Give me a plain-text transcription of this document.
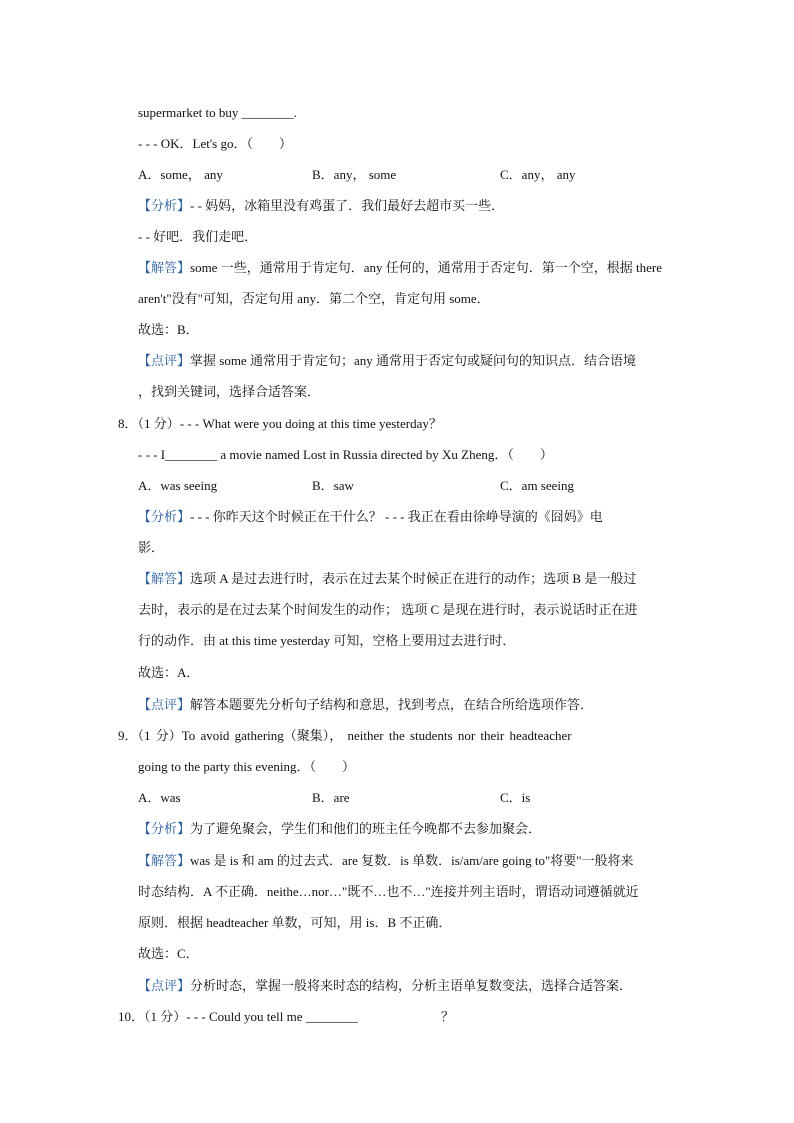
supermarket to buy ________.
- - - OK．Let's go．（　　）
A．some， any	B．any， some	C．any， any
【分析】- - 妈妈，冰箱里没有鸡蛋了．我们最好去超市买一些．
- - 好吧．我们走吧．
【解答】some 一些，通常用于肯定句．any 任何的，通常用于否定句．第一个空，根据 there
aren't"没有"可知，否定句用 any．第二个空，肯定句用 some．
故选：B．
【点评】掌握 some 通常用于肯定句；any 通常用于否定句或疑问句的知识点．结合语境
，找到关键词，选择合适答案．
8．（1 分）- - - What were you doing at this time yesterday？
- - - I________ a movie named Lost in Russia directed by Xu Zheng．（　　）
A．was seeing	B．saw	C．am seeing
【分析】- - - 你昨天这个时候正在干什么？ - - - 我正在看由徐峥导演的《囧妈》电
影．
【解答】选项 A 是过去进行时，表示在过去某个时候正在进行的动作；选项 B 是一般过
去时，表示的是在过去某个时间发生的动作； 选项 C 是现在进行时，表示说话时正在进
行的动作．由 at this time yesterday 可知，空格上要用过去进行时．
故选：A．
【点评】解答本题要先分析句子结构和意思，找到考点，在结合所给选项作答．
9．（1 分）To avoid gathering（聚集）， neither the students nor their headteacher
going to the party this evening．（　　）
A．was	B．are	C．is
【分析】为了避免聚会，学生们和他们的班主任今晚都不去参加聚会．
【解答】was 是 is 和 am 的过去式．are 复数．is 单数．is/am/are going to"将要"一般将来
时态结构．A 不正确．neithe…nor…"既不…也不…"连接并列主语时，谓语动词遵循就近
原则．根据 headteacher 单数，可知，用 is．B 不正确．
故选：C．
【点评】分析时态，掌握一般将来时态的结构，分析主语单复数变法，选择合适答案．
10．（1 分）- - - Could you tell me ________	？
